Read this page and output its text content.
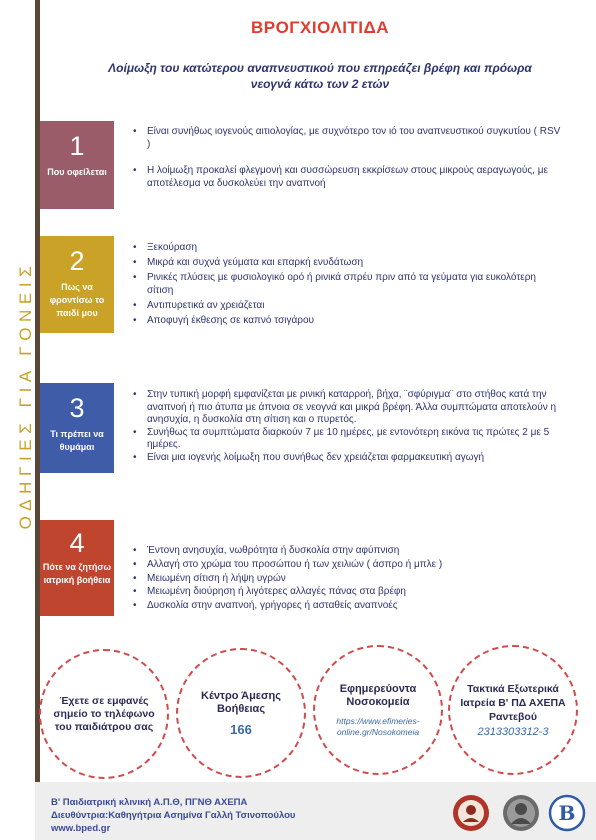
ΟΔΗΓΙΕΣ ΓΙΑ ΓΟΝΕΙΣ
ΒΡΟΓΧΙΟΛΙΤΙΔΑ

Λοίμωξη του κατώτερου αναπνευστικού που επηρεάζει βρέφη και πρόωρα νεογνά κάτω των 2 ετών

1
Που οφείλεται
• Είναι συνήθως ιογενούς αιτιολογίας, με συχνότερο τον ιό του αναπνευστικού συγκυτίου ( RSV )
• Η λοίμωξη προκαλεί φλεγμονή και συσσώρευση εκκρίσεων στους μικρούς αεραγωγούς, με αποτέλεσμα να δυσκολεύει την αναπνοή
2
Πως να φροντίσω το παιδί μου
• Ξεκούραση
• Μικρά και συχνά γεύματα και επαρκή ενυδάτωση
• Ρινικές πλύσεις με φυσιολογικό ορό ή ρινικά σπρέυ πριν από τα γεύματα για ευκολότερη σίτιση
• Αντιπυρετικά αν χρειάζεται
• Αποφυγή έκθεσης σε καπνό τσιγάρου
3
Τι πρέπει να θυμάμαι
• Στην τυπική μορφή εμφανίζεται με ρινική καταρροή, βήχα, ¨σφύριγμα¨ στο στήθος κατά την αναπνοή ή πιο άτυπα με άπνοια σε νεογνά και μικρά βρέφη. Άλλα συμπτώματα αποτελούν η ανησυχία, η δυσκολία στη σίτιση και ο πυρετός.
• Συνήθως τα συμπτώματα διαρκούν 7 με 10 ημέρες, με εντονότερη εικόνα τις πρώτες 2 με 5 ημέρες.
• Είναι μια ιογενής λοίμωξη που συνήθως δεν χρειάζεται φαρμακευτική αγωγή
4
Πότε να ζητήσω ιατρική βοήθεια
• Έντονη ανησυχία, νωθρότητα ή δυσκολία στην αφύπνιση
• Αλλαγή στο χρώμα του προσώπου ή των χειλιών ( άσπρο ή μπλε )
• Μειωμένη σίτιση ή λήψη υγρών
• Μειωμένη διούρηση ή λιγότερες αλλαγές πάνας στα βρέφη
• Δυσκολία στην αναπνοή, γρήγορες ή ασταθείς αναπνοές
Έχετε σε εμφανές σημείο το τηλέφωνο του παιδιάτρου σας
Κέντρο Άμεσης Βοήθειας
166
Εφημερεύοντα Νοσοκομεία
https://www.efimeries-online.gr/Nosokomeia
Τακτικά Εξωτερικά Ιατρεία Β' ΠΔ ΑΧΕΠΑ Ραντεβού
2313303312-3
Β' Παιδιατρική κλινική Α.Π.Θ, ΠΓΝΘ ΑΧΕΠΑ
Διευθύντρια:Καθηγήτρια Ασημίνα Γαλλή Τσινοπούλου
www.bped.gr
B
